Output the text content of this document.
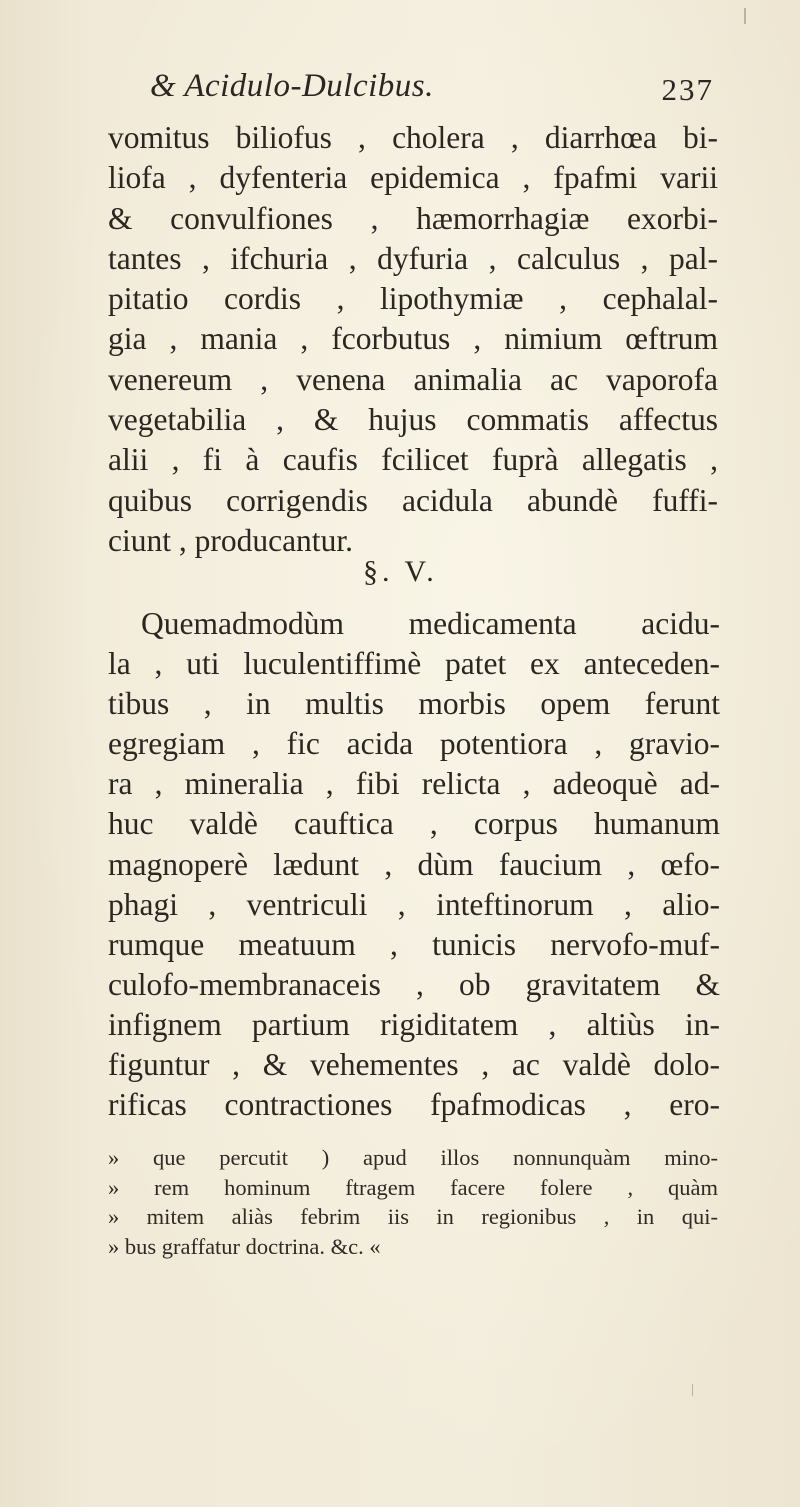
& Acidulo-Dulcibus.	237
vomitus biliofus , cholera , diarrhœa bi-
liofa , dyfenteria epidemica , fpafmi varii
& convulfiones , hæmorrhagiæ exorbi-
tantes , ifchuria , dyfuria , calculus , pal-
pitatio cordis , lipothymiæ , cephalal-
gia , mania , fcorbutus , nimium œftrum
venereum , venena animalia ac vaporofa
vegetabilia , & hujus commatis affectus
alii , fi à caufis fcilicet fuprà allegatis ,
quibus corrigendis acidula abundè fuffi-
ciunt , producantur.
§. V.
Quemadmodùm medicamenta acidu-
la , uti luculentiffimè patet ex anteceden-
tibus , in multis morbis opem ferunt
egregiam , fic acida potentiora , gravio-
ra , mineralia , fibi relicta , adeoquè ad-
huc valdè cauftica , corpus humanum
magnoperè lædunt , dùm faucium , œfo-
phagi , ventriculi , inteftinorum , alio-
rumque meatuum , tunicis nervofo-muf-
culofo-membranaceis , ob gravitatem &
infignem partium rigiditatem , altiùs in-
figuntur , & vehementes , ac valdè dolo-
rificas contractiones fpafmodicas , ero-
» que percutit ) apud illos nonnunquàm mino-
» rem hominum ftragem facere folere , quàm
» mitem aliàs febrim iis in regionibus , in qui-
» bus graffatur doctrina. &c. «
